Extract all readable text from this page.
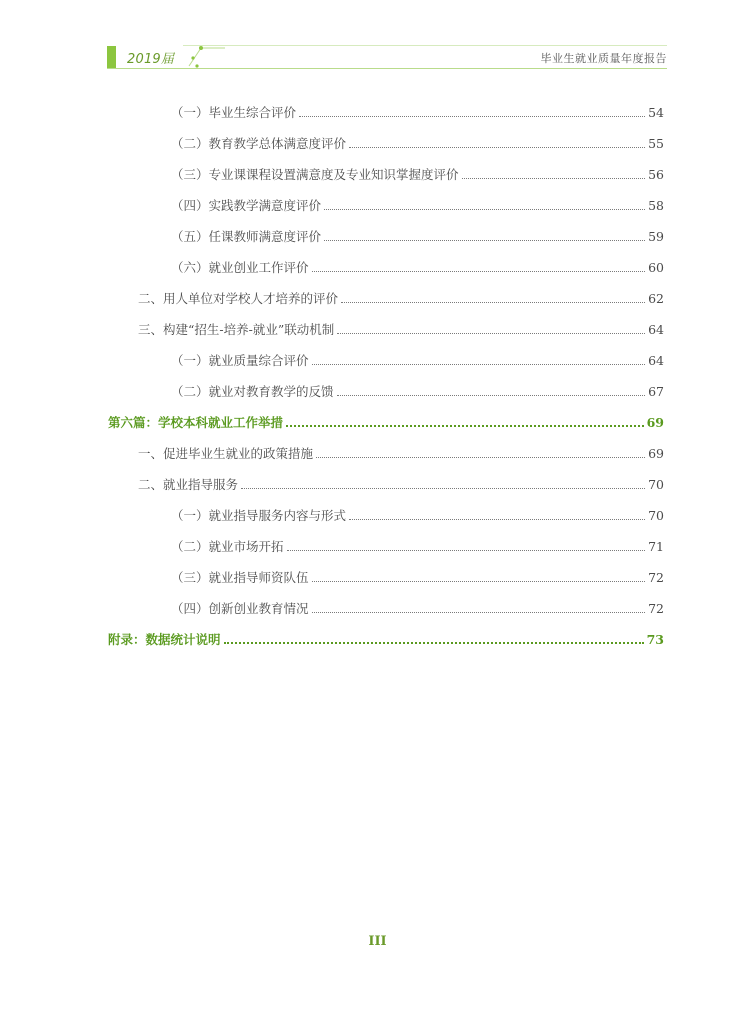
2019届	毕业生就业质量年度报告
（一）毕业生综合评价	54
（二）教育教学总体满意度评价	55
（三）专业课课程设置满意度及专业知识掌握度评价	56
（四）实践教学满意度评价	58
（五）任课教师满意度评价	59
（六）就业创业工作评价	60
二、用人单位对学校人才培养的评价	62
三、构建“招生-培养-就业”联动机制	64
（一）就业质量综合评价	64
（二）就业对教育教学的反馈	67
第六篇：学校本科就业工作举措	69
一、促进毕业生就业的政策措施	69
二、就业指导服务	70
（一）就业指导服务内容与形式	70
（二）就业市场开拓	71
（三）就业指导师资队伍	72
（四）创新创业教育情况	72
附录：数据统计说明	73
III
